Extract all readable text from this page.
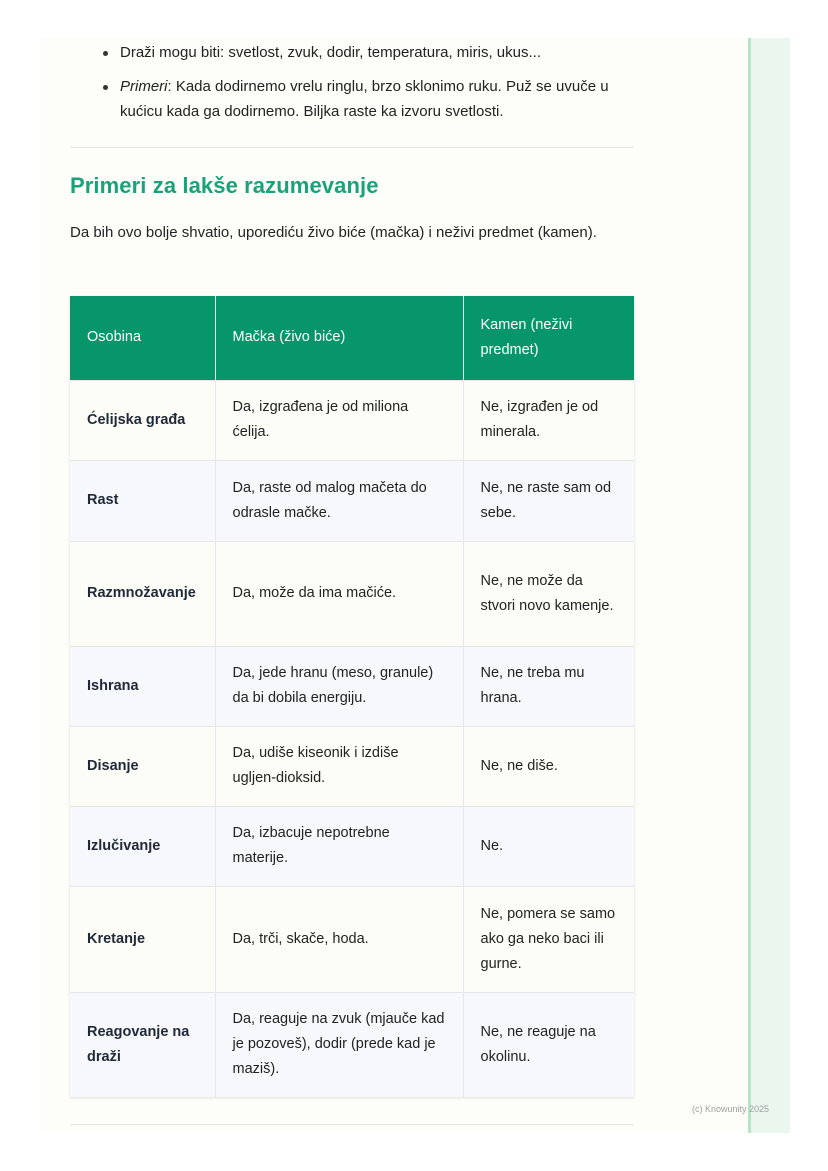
Draži mogu biti: svetlost, zvuk, dodir, temperatura, miris, ukus...
Primeri: Kada dodirnemo vrelu ringlu, brzo sklonimo ruku. Puž se uvuče u kućicu kada ga dodirnemo. Biljka raste ka izvoru svetlosti.
Primeri za lakše razumevanje

Da bih ovo bolje shvatio, uporediću živo biće (mačka) i neživi predmet (kamen).

Osobina	Mačka (živo biće)	Kamen (neživi predmet)
Ćelijska građa	Da, izgrađena je od miliona ćelija.	Ne, izgrađen je od minerala.
Rast	Da, raste od malog mačeta do odrasle mačke.	Ne, ne raste sam od sebe.
Razmnožavanje	Da, može da ima mačiće.	Ne, ne može da stvori novo kamenje.
Ishrana	Da, jede hranu (meso, granule) da bi dobila energiju.	Ne, ne treba mu hrana.
Disanje	Da, udiše kiseonik i izdiše ugljen-dioksid.	Ne, ne diše.
Izlučivanje	Da, izbacuje nepotrebne materije.	Ne.
Kretanje	Da, trči, skače, hoda.	Ne, pomera se samo ako ga neko baci ili gurne.
Reagovanje na draži	Da, reaguje na zvuk (mjauče kad je pozoveš), dodir (prede kad je maziš).	Ne, ne reaguje na okolinu.
(c) Knowunity 2025
